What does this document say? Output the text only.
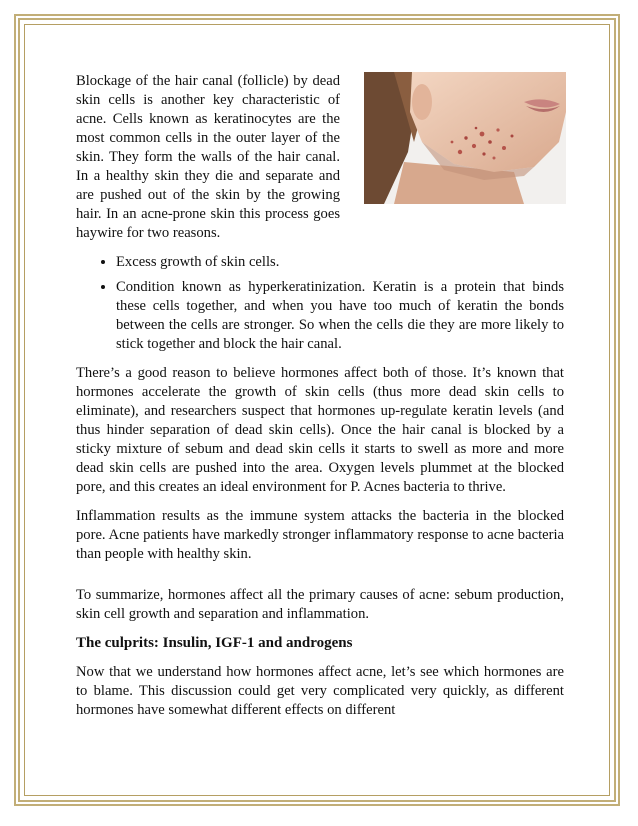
Blockage of the hair canal (follicle) by dead skin cells is another key characteristic of acne. Cells known as keratinocytes are the most common cells in the outer layer of the skin. They form the walls of the hair canal. In a healthy skin they die and separate and are pushed out of the skin by the growing hair. In an acne-prone skin this process goes haywire for two reasons.

• Excess growth of skin cells.
• Condition known as hyperkeratinization. Keratin is a protein that binds these cells together, and when you have too much of keratin the bonds between the cells are stronger. So when the cells die they are more likely to stick together and block the hair canal.

There’s a good reason to believe hormones affect both of those. It’s known that hormones accelerate the growth of skin cells (thus more dead skin cells to eliminate), and researchers suspect that hormones up-regulate keratin levels (and thus hinder separation of dead skin cells). Once the hair canal is blocked by a sticky mixture of sebum and dead skin cells it starts to swell as more and more dead skin cells are pushed into the area. Oxygen levels plummet at the blocked pore, and this creates an ideal environment for P. Acnes bacteria to thrive.

Inflammation results as the immune system attacks the bacteria in the blocked pore. Acne patients have markedly stronger inflammatory response to acne bacteria than people with healthy skin.

To summarize, hormones affect all the primary causes of acne: sebum production, skin cell growth and separation and inflammation.

The culprits: Insulin, IGF-1 and androgens

Now that we understand how hormones affect acne, let’s see which hormones are to blame. This discussion could get very complicated very quickly, as different hormones have somewhat different effects on different
